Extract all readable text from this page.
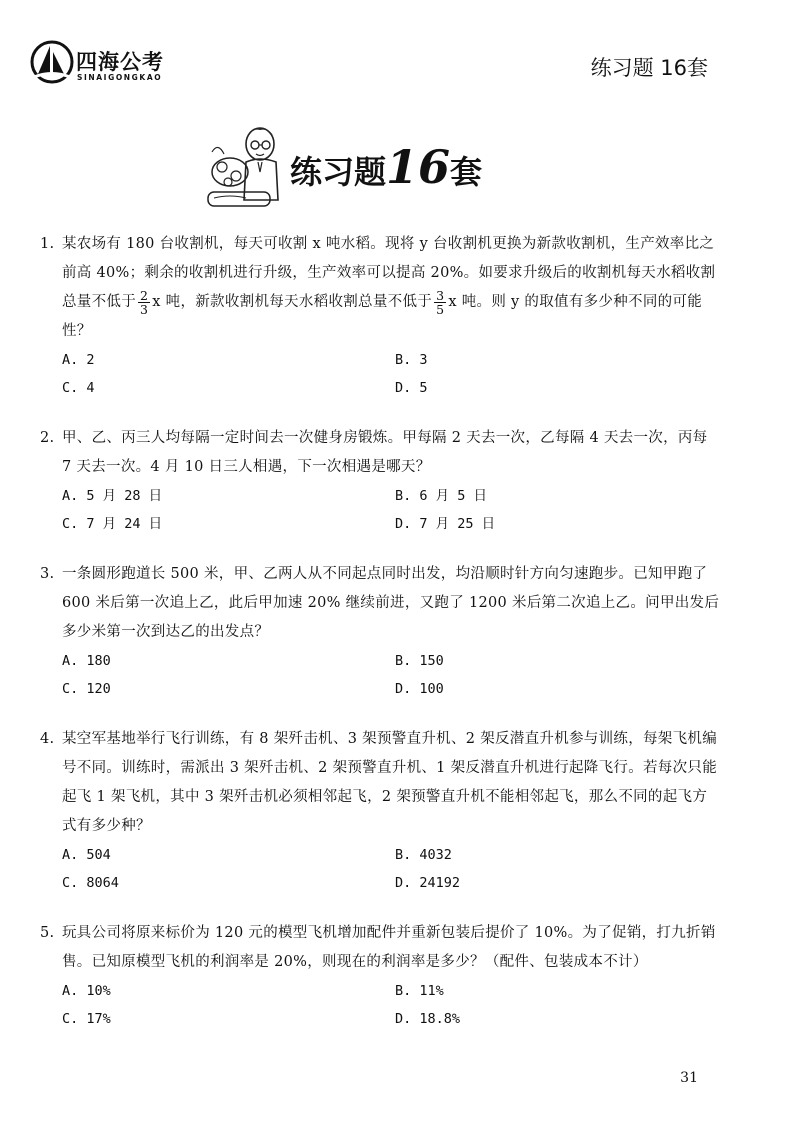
四海公考
SINAIGONGKAO	练习题 16套
练习题16套
1. 某农场有 180 台收割机，每天可收割 x 吨水稻。现将 y 台收割机更换为新款收割机，生产效率比之前高 40%；剩余的收割机进行升级，生产效率可以提高 20%。如要求升级后的收割机每天水稻收割总量不低于 $\frac{2}{3}$ x 吨，新款收割机每天水稻收割总量不低于 $\frac{3}{5}$ x 吨。则 y 的取值有多少种不同的可能性？
A. 2	B. 3
C. 4	D. 5
2. 甲、乙、丙三人均每隔一定时间去一次健身房锻炼。甲每隔 2 天去一次，乙每隔 4 天去一次，丙每 7 天去一次。4 月 10 日三人相遇，下一次相遇是哪天？
A. 5 月 28 日	B. 6 月 5 日
C. 7 月 24 日	D. 7 月 25 日
3. 一条圆形跑道长 500 米，甲、乙两人从不同起点同时出发，均沿顺时针方向匀速跑步。已知甲跑了 600 米后第一次追上乙，此后甲加速 20% 继续前进，又跑了 1200 米后第二次追上乙。问甲出发后多少米第一次到达乙的出发点？
A. 180	B. 150
C. 120	D. 100
4. 某空军基地举行飞行训练，有 8 架歼击机、3 架预警直升机、2 架反潜直升机参与训练，每架飞机编号不同。训练时，需派出 3 架歼击机、2 架预警直升机、1 架反潜直升机进行起降飞行。若每次只能起飞 1 架飞机，其中 3 架歼击机必须相邻起飞，2 架预警直升机不能相邻起飞，那么不同的起飞方式有多少种？
A. 504	B. 4032
C. 8064	D. 24192
5. 玩具公司将原来标价为 120 元的模型飞机增加配件并重新包装后提价了 10%。为了促销，打九折销售。已知原模型飞机的利润率是 20%，则现在的利润率是多少？（配件、包装成本不计）
A. 10%	B. 11%
C. 17%	D. 18.8%
31
